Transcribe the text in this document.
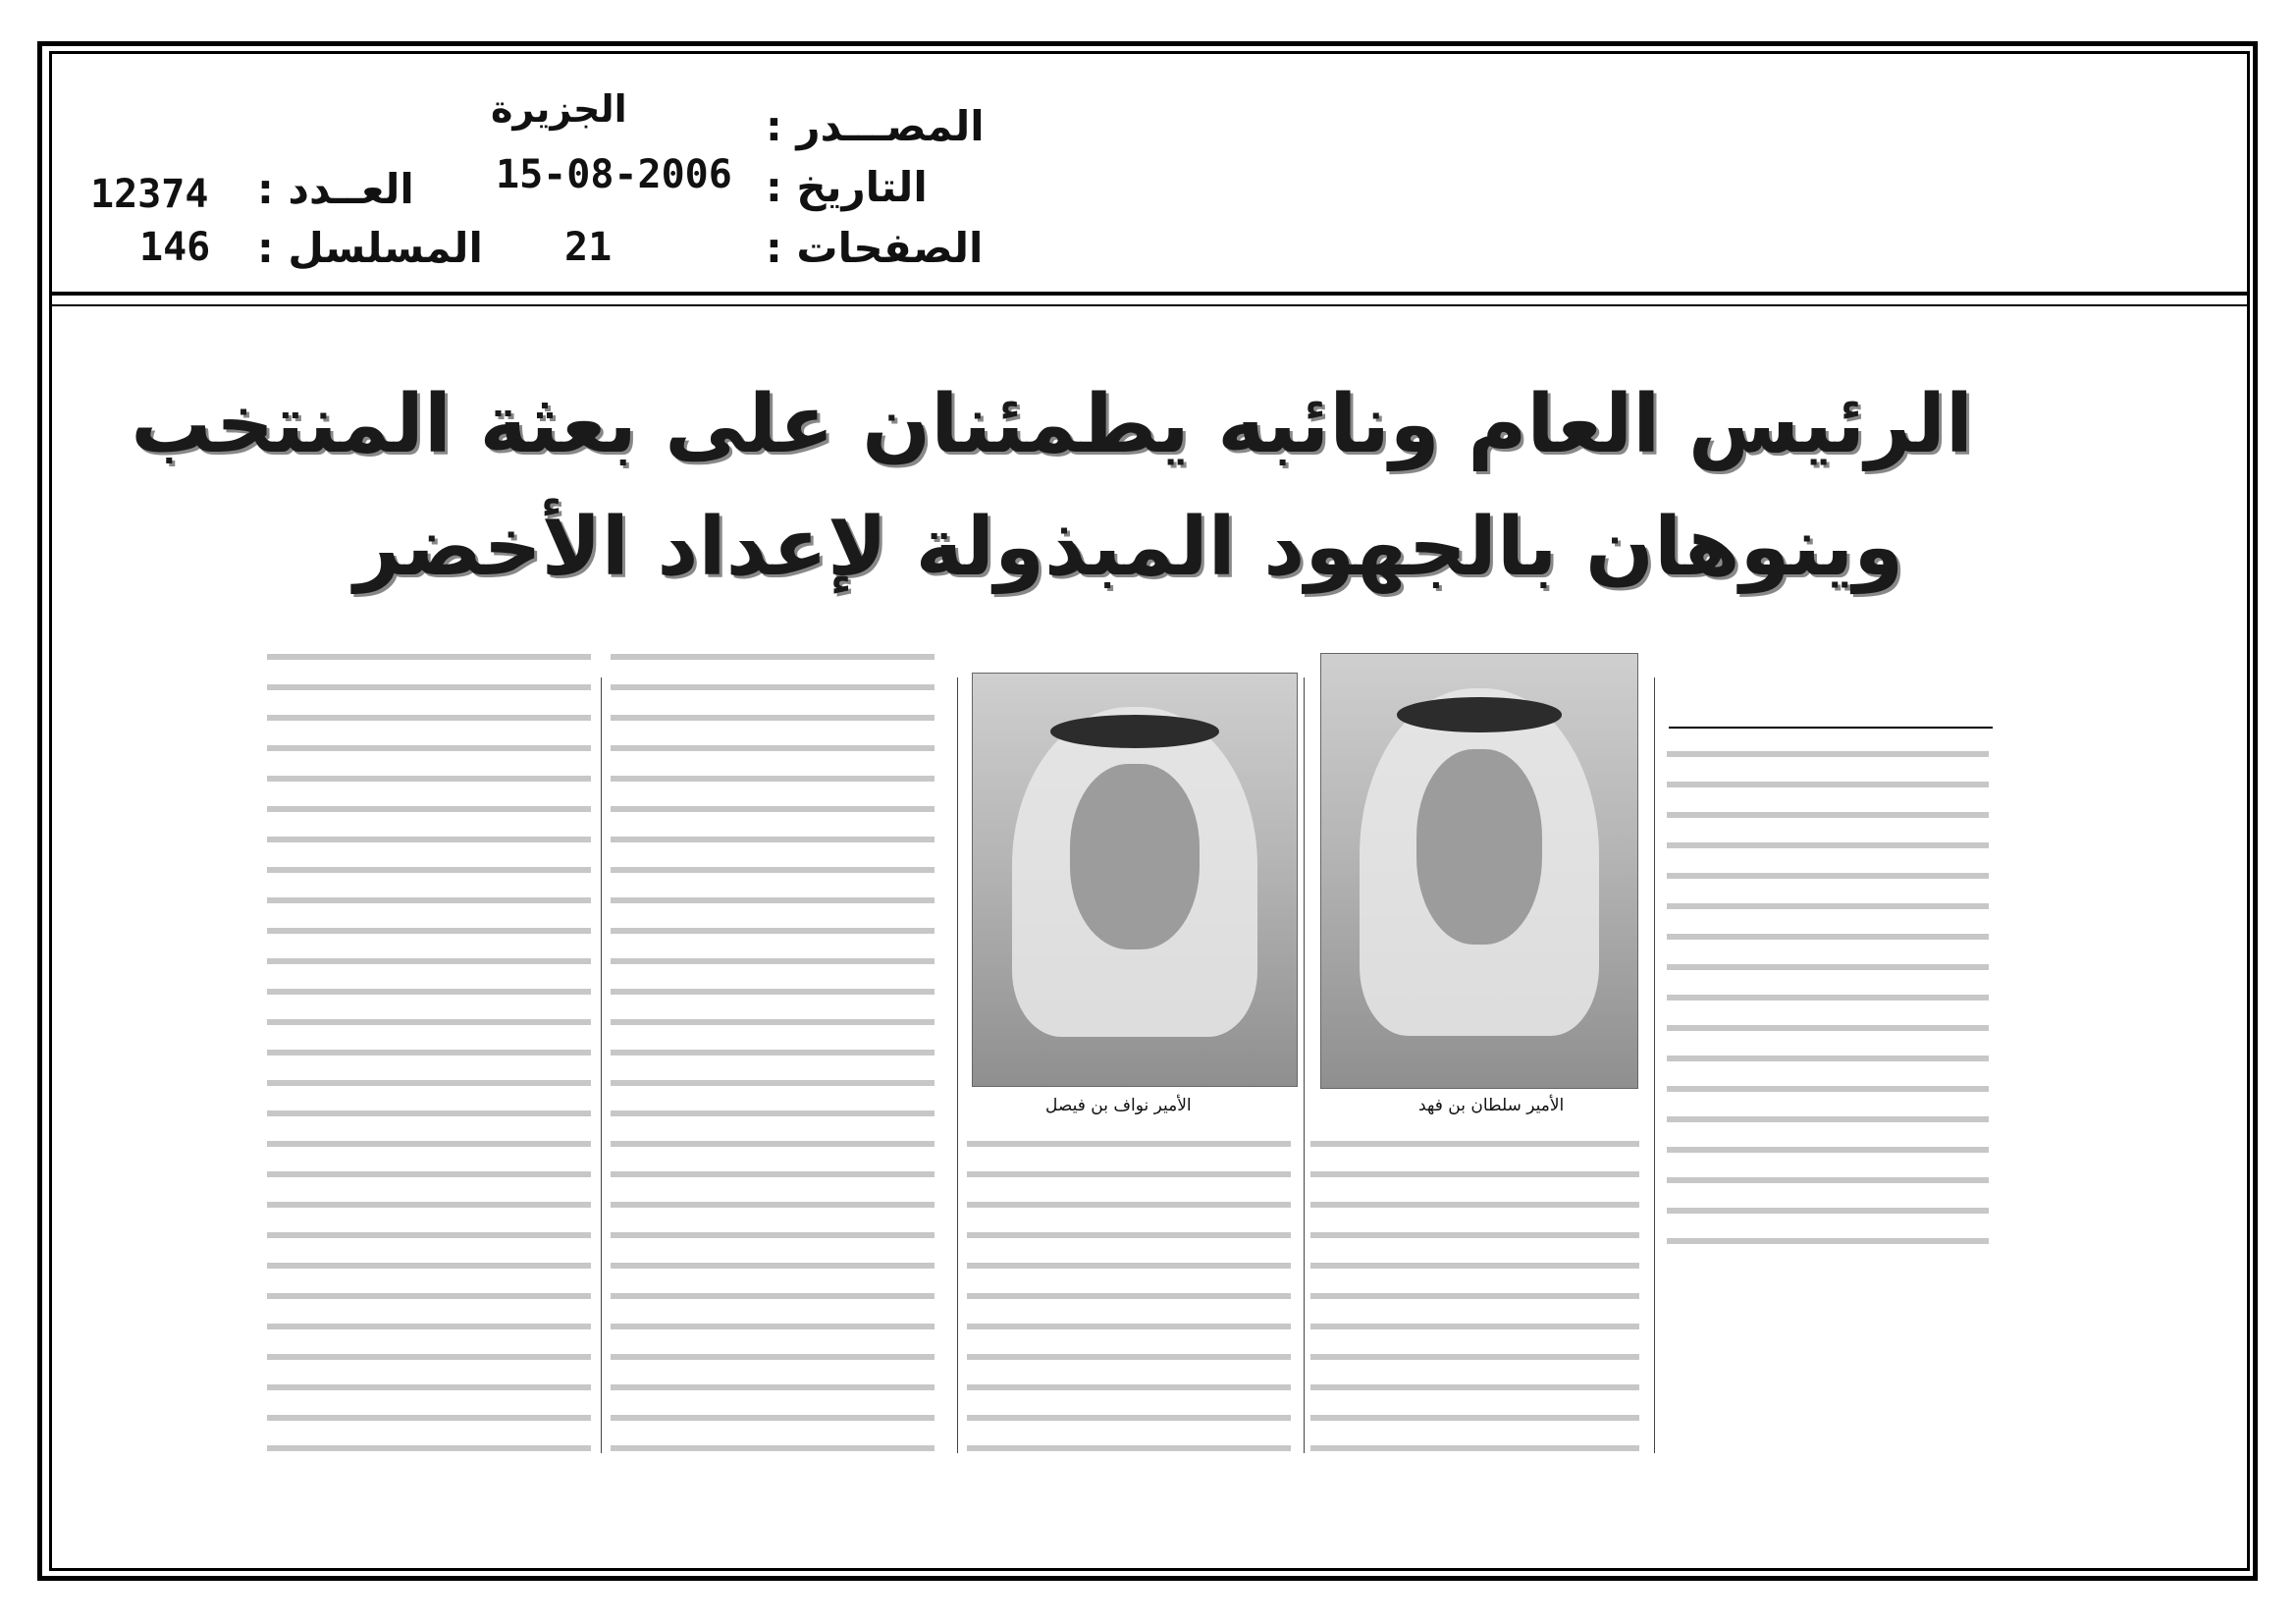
المصـــدر :
الجزيرة
التاريخ :
15-08-2006
الصفحات :
21
العــدد :
12374
المسلسل :
146
الرئيس العام ونائبه يطمئنان على بعثة المنتخب
وينوهان بالجهود المبذولة لإعداد الأخضر
الأمير سلطان بن فهد
الأمير نواف بن فيصل
